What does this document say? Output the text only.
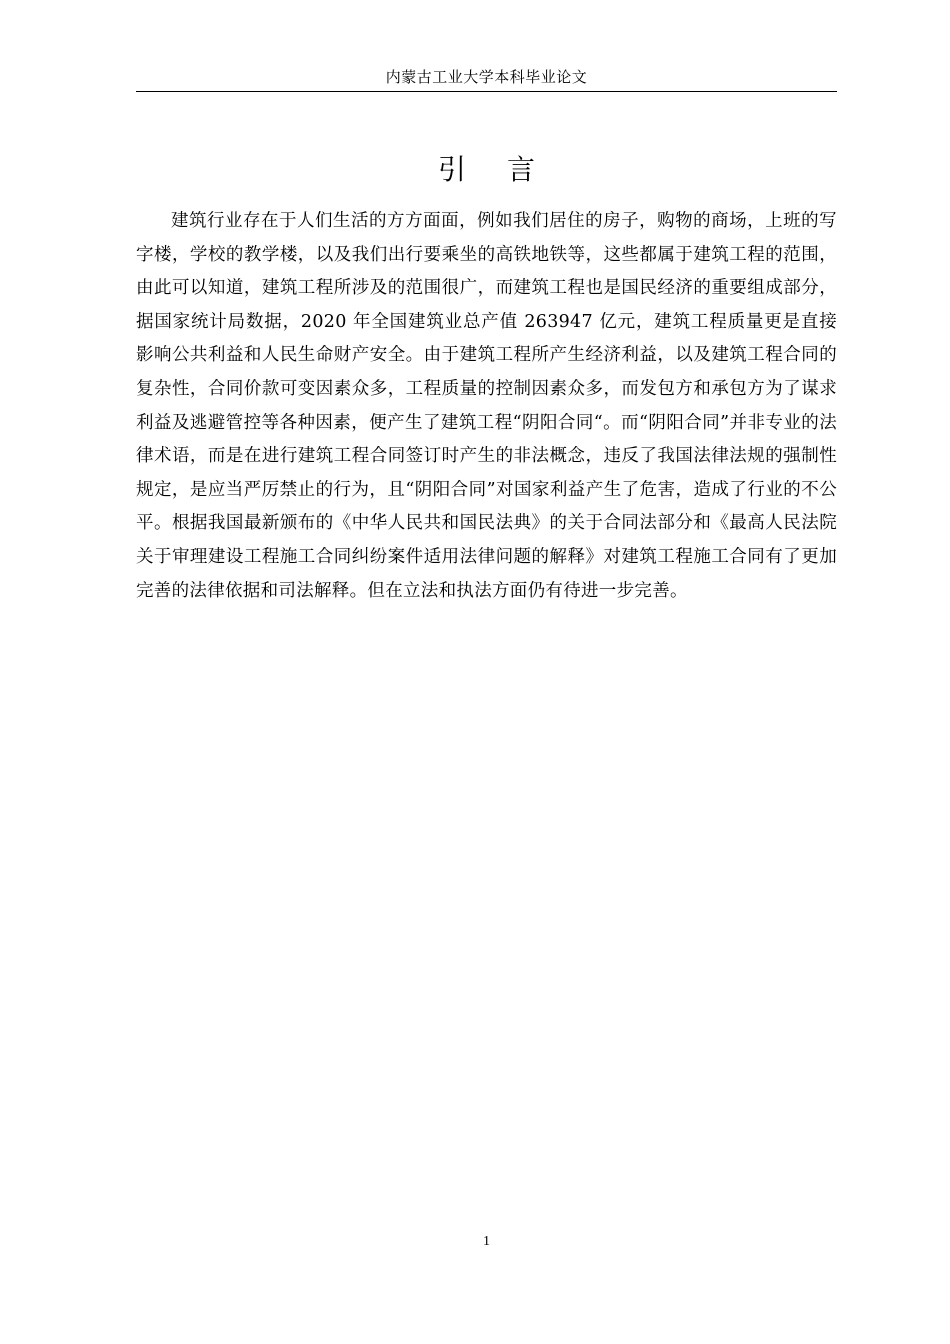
内蒙古工业大学本科毕业论文
引 言

建筑行业存在于人们生活的方方面面，例如我们居住的房子，购物的商场，上班的写字楼，学校的教学楼，以及我们出行要乘坐的高铁地铁等，这些都属于建筑工程的范围，由此可以知道，建筑工程所涉及的范围很广，而建筑工程也是国民经济的重要组成部分，据国家统计局数据，2020 年全国建筑业总产值 263947 亿元，建筑工程质量更是直接影响公共利益和人民生命财产安全。由于建筑工程所产生经济利益，以及建筑工程合同的复杂性，合同价款可变因素众多，工程质量的控制因素众多，而发包方和承包方为了谋求利益及逃避管控等各种因素，便产生了建筑工程“阴阳合同“。而“阴阳合同”并非专业的法律术语，而是在进行建筑工程合同签订时产生的非法概念，违反了我国法律法规的强制性规定，是应当严厉禁止的行为，且“阴阳合同”对国家利益产生了危害，造成了行业的不公平。根据我国最新颁布的《中华人民共和国民法典》的关于合同法部分和《最高人民法院关于审理建设工程施工合同纠纷案件适用法律问题的解释》对建筑工程施工合同有了更加完善的法律依据和司法解释。但在立法和执法方面仍有待进一步完善。

1
